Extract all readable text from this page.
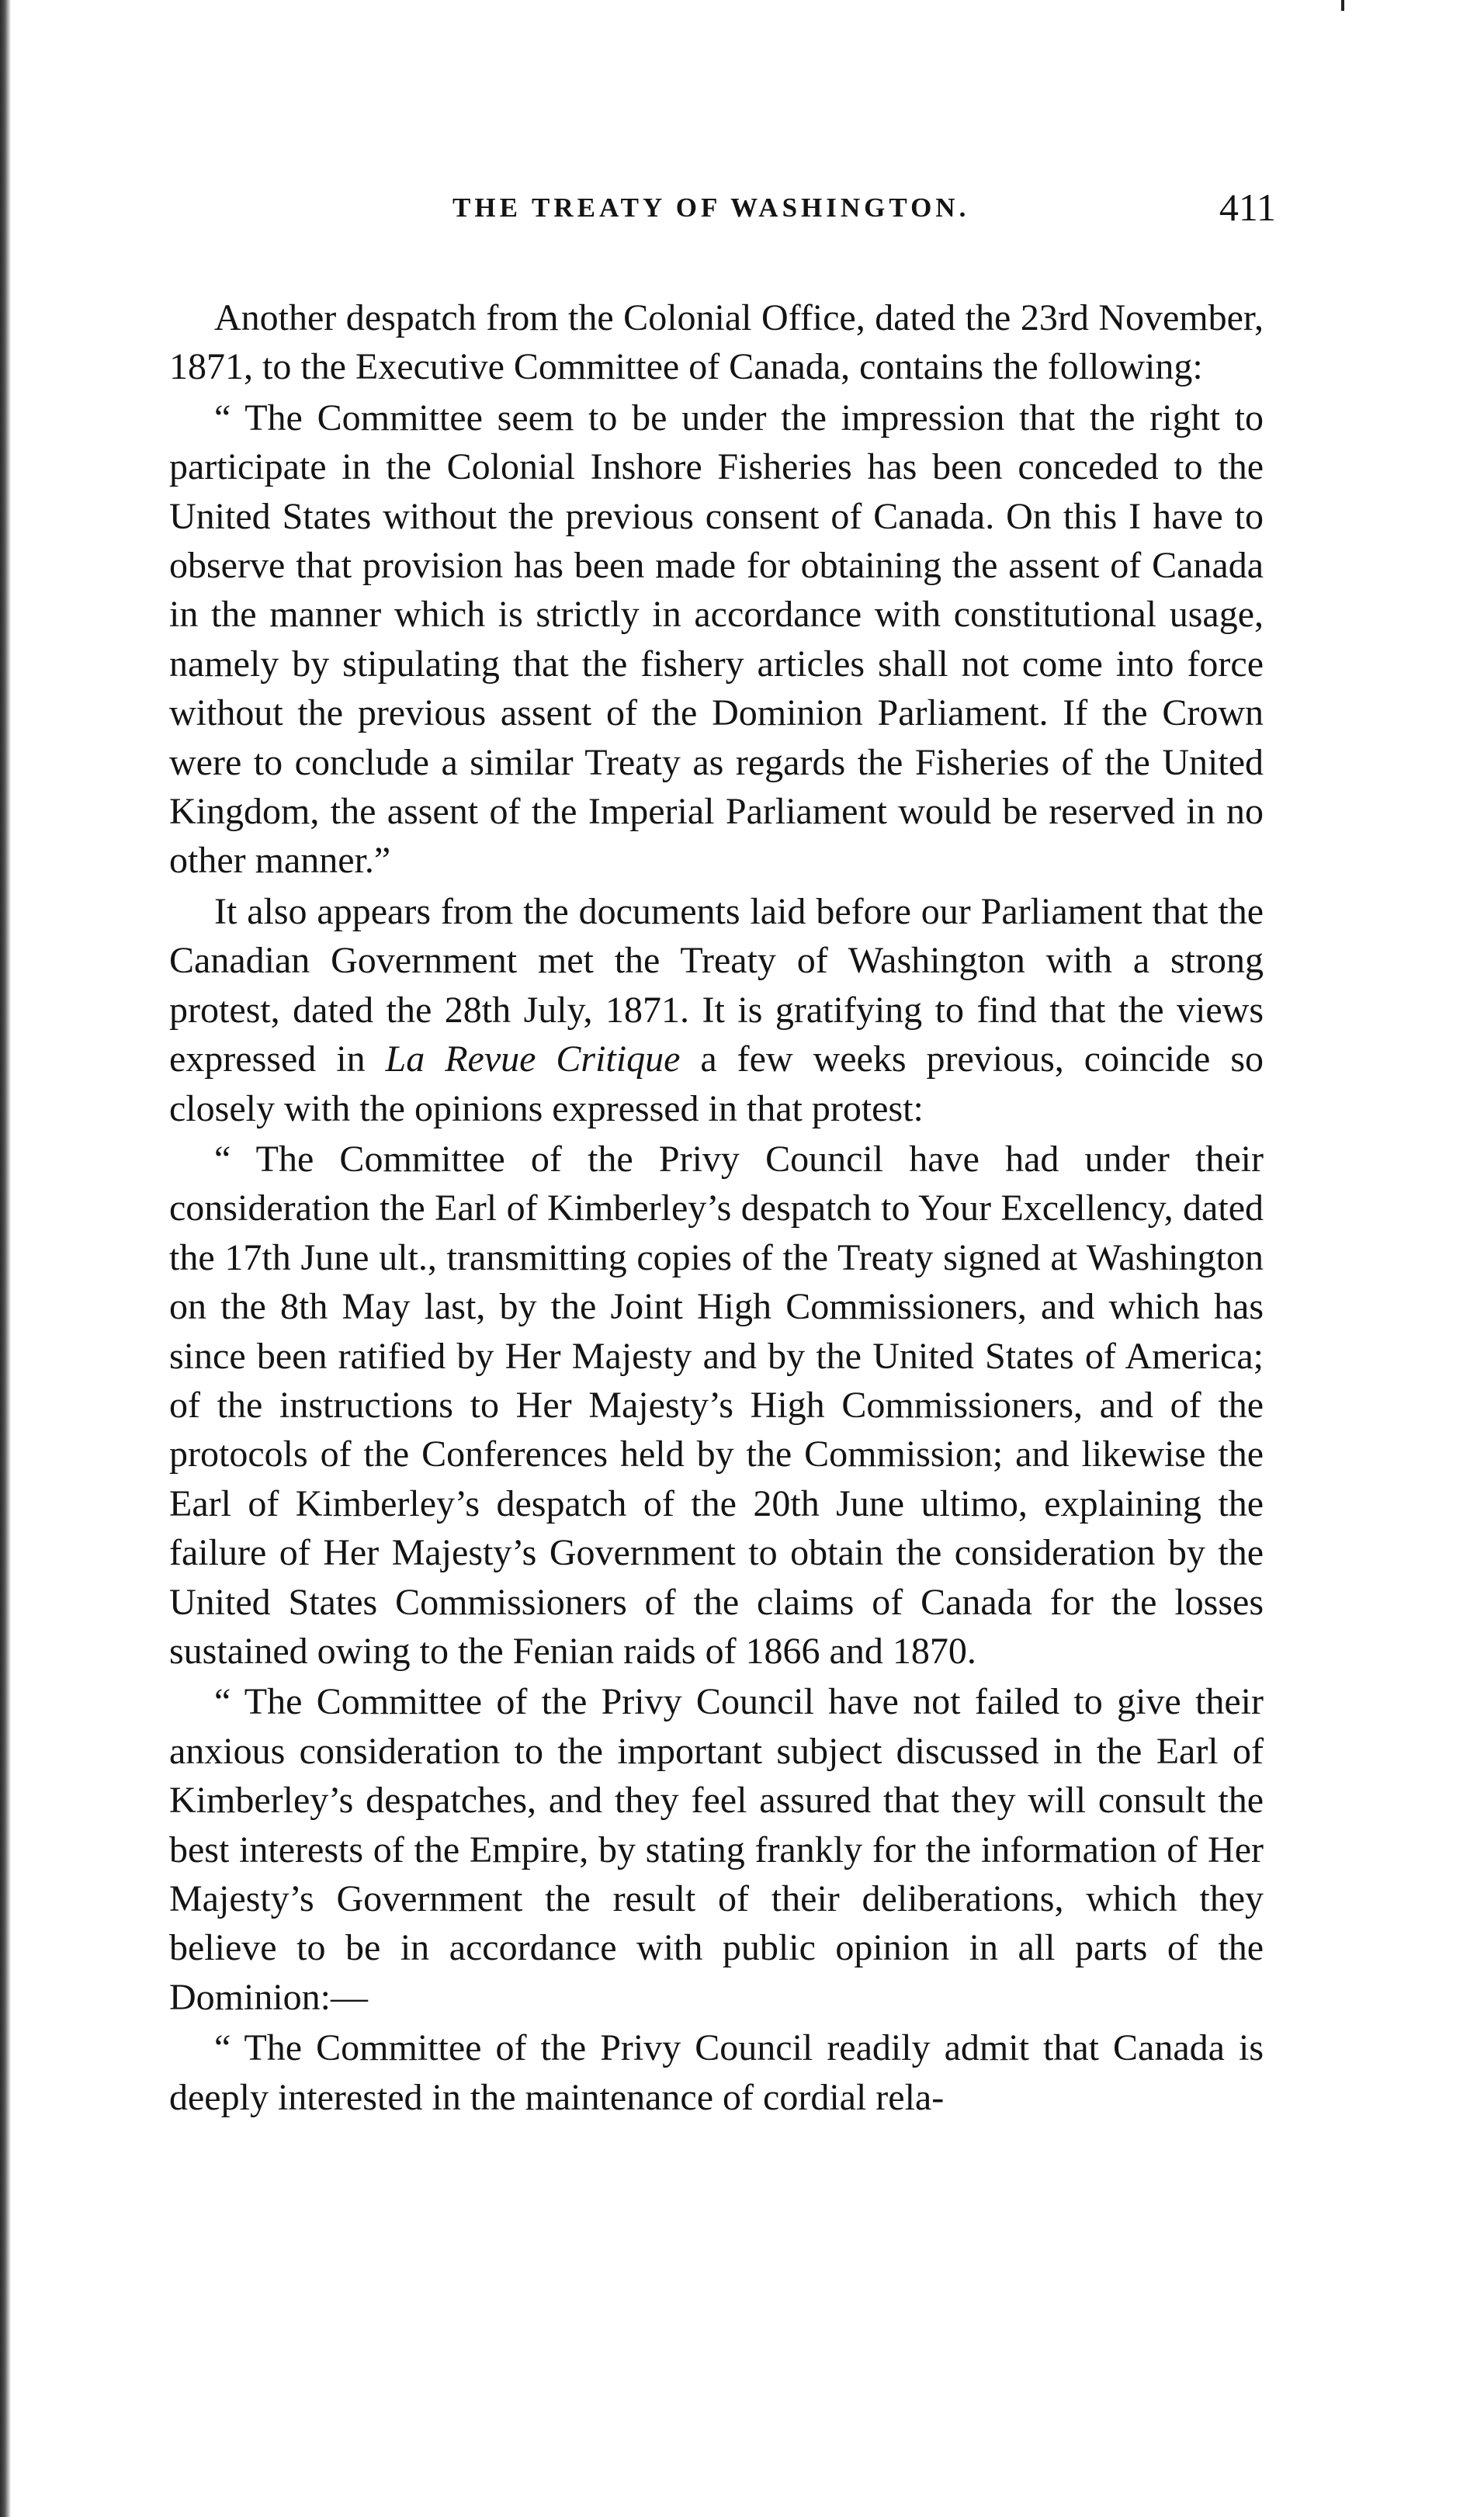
THE TREATY OF WASHINGTON.	411

Another despatch from the Colonial Office, dated the 23rd November, 1871, to the Executive Committee of Canada, contains the following:

“ The Committee seem to be under the impression that the right to participate in the Colonial Inshore Fisheries has been conceded to the United States without the previous consent of Canada. On this I have to observe that provision has been made for obtaining the assent of Canada in the manner which is strictly in accordance with constitutional usage, namely by stipulating that the fishery articles shall not come into force without the previous assent of the Dominion Parliament. If the Crown were to conclude a similar Treaty as regards the Fisheries of the United Kingdom, the assent of the Imperial Parliament would be reserved in no other manner.”

It also appears from the documents laid before our Parliament that the Canadian Government met the Treaty of Washington with a strong protest, dated the 28th July, 1871. It is gratifying to find that the views expressed in La Revue Critique a few weeks previous, coincide so closely with the opinions expressed in that protest:

“ The Committee of the Privy Council have had under their consideration the Earl of Kimberley’s despatch to Your Excellency, dated the 17th June ult., transmitting copies of the Treaty signed at Washington on the 8th May last, by the Joint High Commissioners, and which has since been ratified by Her Majesty and by the United States of America; of the instructions to Her Majesty’s High Commissioners, and of the protocols of the Conferences held by the Commission; and likewise the Earl of Kimberley’s despatch of the 20th June ultimo, explaining the failure of Her Majesty’s Government to obtain the consideration by the United States Commissioners of the claims of Canada for the losses sustained owing to the Fenian raids of 1866 and 1870.

“ The Committee of the Privy Council have not failed to give their anxious consideration to the important subject discussed in the Earl of Kimberley’s despatches, and they feel assured that they will consult the best interests of the Empire, by stating frankly for the information of Her Majesty’s Government the result of their deliberations, which they believe to be in accordance with public opinion in all parts of the Dominion:—

“ The Committee of the Privy Council readily admit that Canada is deeply interested in the maintenance of cordial rela-
